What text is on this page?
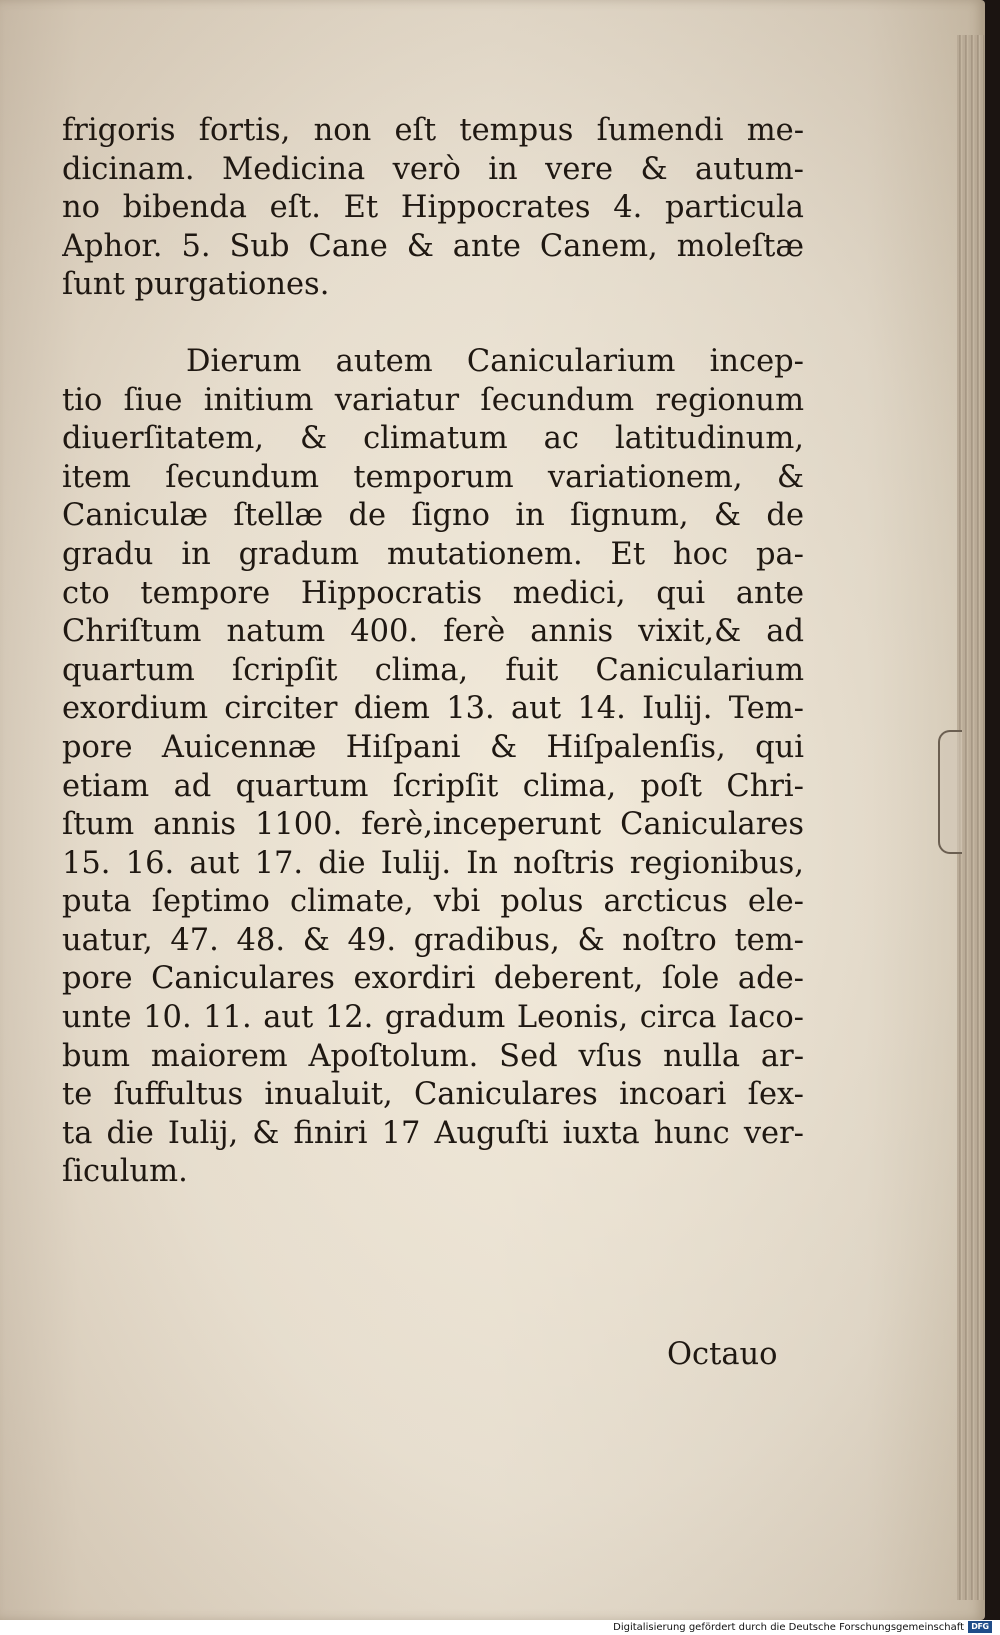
frigoris fortis, non eſt tempus ſumendi me-
dicinam. Medicina verò in vere & autum-
no bibenda eſt. Et Hippocrates 4. particula
Aphor. 5. Sub Cane & ante Canem, moleſtæ
ſunt purgationes.
Dierum autem Canicularium incep-
tio ſiue initium variatur ſecundum regionum
diuerſitatem, & climatum ac latitudinum,
item ſecundum temporum variationem, &
Caniculæ ſtellæ de ſigno in ſignum, & de
gradu in gradum mutationem. Et hoc pa-
cto tempore Hippocratis medici, qui ante
Chriſtum natum 400. ferè annis vixit,& ad
quartum ſcripſit clima, fuit Canicularium
exordium circiter diem 13. aut 14. Iulij. Tem-
pore Auicennæ Hiſpani & Hiſpalenſis, qui
etiam ad quartum ſcripſit clima, poſt Chri-
ſtum annis 1100. ferè,inceperunt Caniculares
15. 16. aut 17. die Iulij. In noſtris regionibus,
puta ſeptimo climate, vbi polus arcticus ele-
uatur, 47. 48. & 49. gradibus, & noſtro tem-
pore Caniculares exordiri deberent, ſole ade-
unte 10. 11. aut 12. gradum Leonis, circa Iaco-
bum maiorem Apoſtolum. Sed vſus nulla ar-
te ſuffultus inualuit, Caniculares incoari ſex-
ta die Iulij, & finiri 17 Auguſti iuxta hunc ver-
ſiculum.
Octauo
Digitalisierung gefördert durch die Deutsche Forschungsgemeinschaft DFG
